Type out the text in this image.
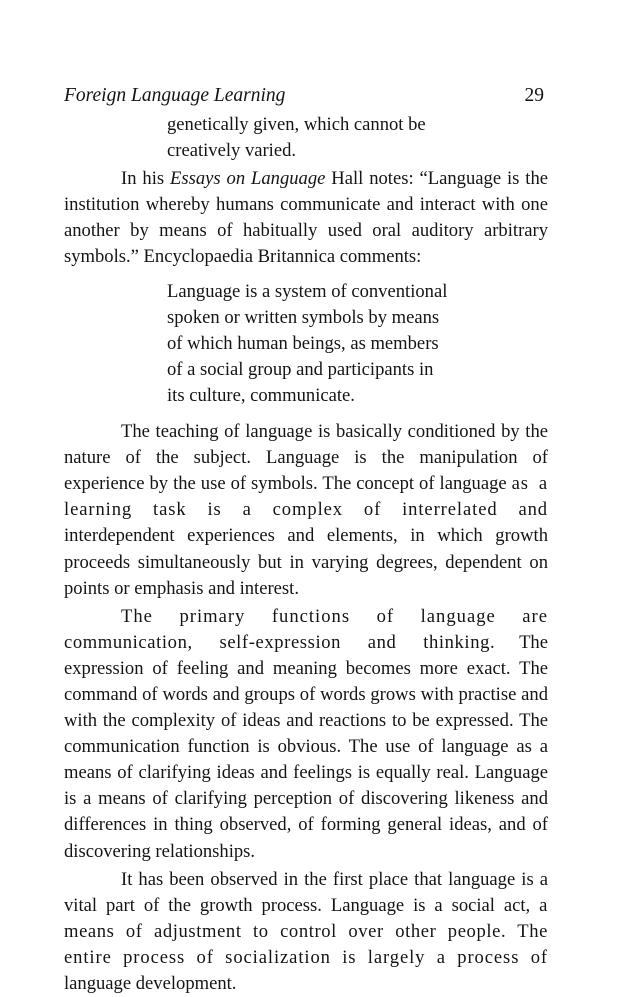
Foreign Language Learning	29
genetically given, which cannot be
creatively varied.

In his Essays on Language Hall notes: “Language is the institution whereby humans communicate and interact with one another by means of habitually used oral auditory arbitrary symbols.” Encyclopaedia Britannica comments:

Language is a system of conventional
spoken or written symbols by means
of which human beings, as members
of a social group and participants in
its culture, communicate.

The teaching of language is basically conditioned by the nature of the subject. Language is the manipulation of experience by the use of symbols. The concept of language as a learning task is a complex of interrelated and interdependent experiences and elements, in which growth proceeds simultaneously but in varying degrees, dependent on points or emphasis and interest.

The primary functions of language are communication, self-expression and thinking. The expression of feeling and meaning becomes more exact. The command of words and groups of words grows with practise and with the complexity of ideas and reactions to be expressed. The communication function is obvious. The use of language as a means of clarifying ideas and feelings is equally real. Language is a means of clarifying perception of discovering likeness and differences in thing observed, of forming general ideas, and of discovering relationships.

It has been observed in the first place that language is a vital part of the growth process. Language is a social act, a means of adjustment to control over other people. The entire process of socialization is largely a process of language development.
